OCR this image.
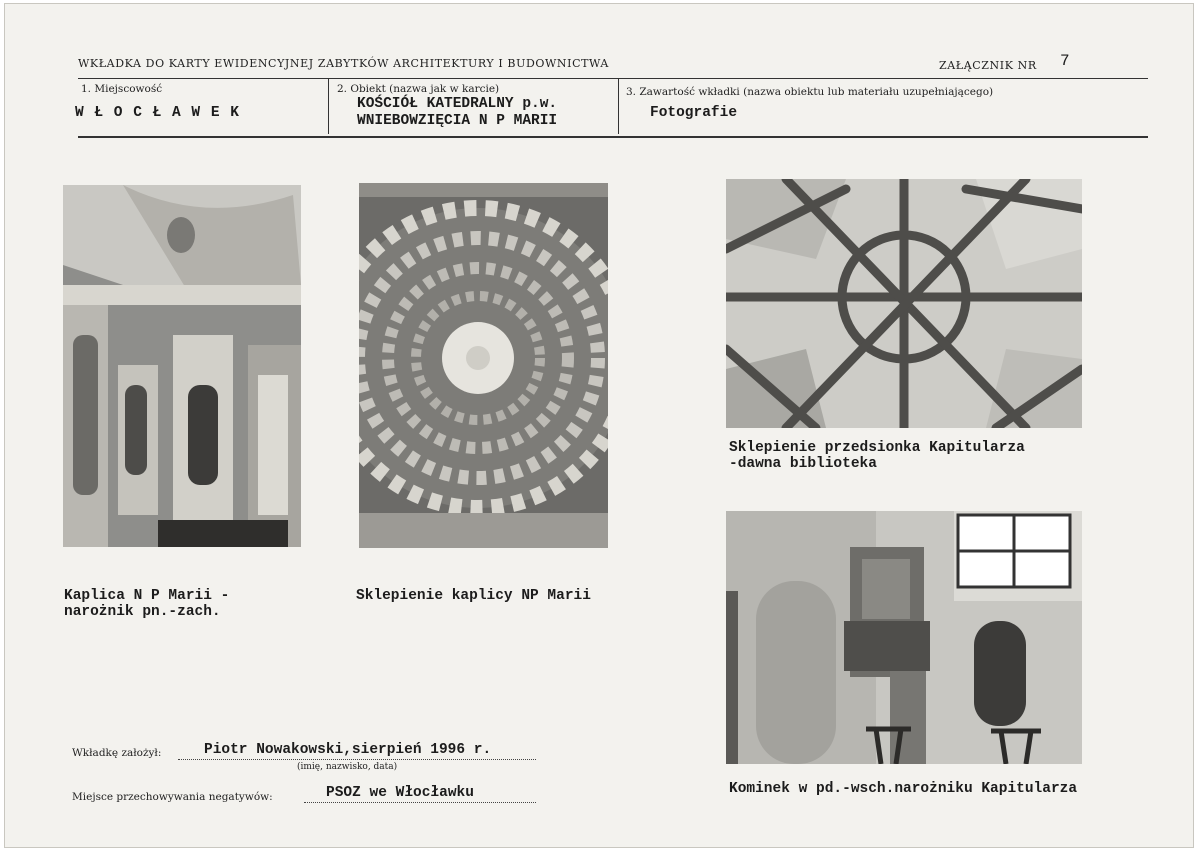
WKŁADKA DO KARTY EWIDENCYJNEJ ZABYTKÓW ARCHITEKTURY I BUDOWNICTWA	ZAŁĄCZNIK NR 7
1. Miejscowość
W Ł O C Ł A W E K
2. Obiekt (nazwa jak w karcie)
KOŚCIÓŁ KATEDRALNY p.w.
WNIEBOWZIĘCIA N P MARII
3. Zawartość wkładki (nazwa obiektu lub materiału uzupełniającego)
Fotografie
Kaplica N P Marii -
narożnik pn.-zach.
Sklepienie kaplicy NP Marii
Sklepienie przedsionka Kapitularza
-dawna biblioteka
Kominek w pd.-wsch.narożniku Kapitularza
Wkładkę założył:	Piotr Nowakowski,sierpień 1996 r.
(imię, nazwisko, data)
Miejsce przechowywania negatywów:	PSOZ we Włocławku
